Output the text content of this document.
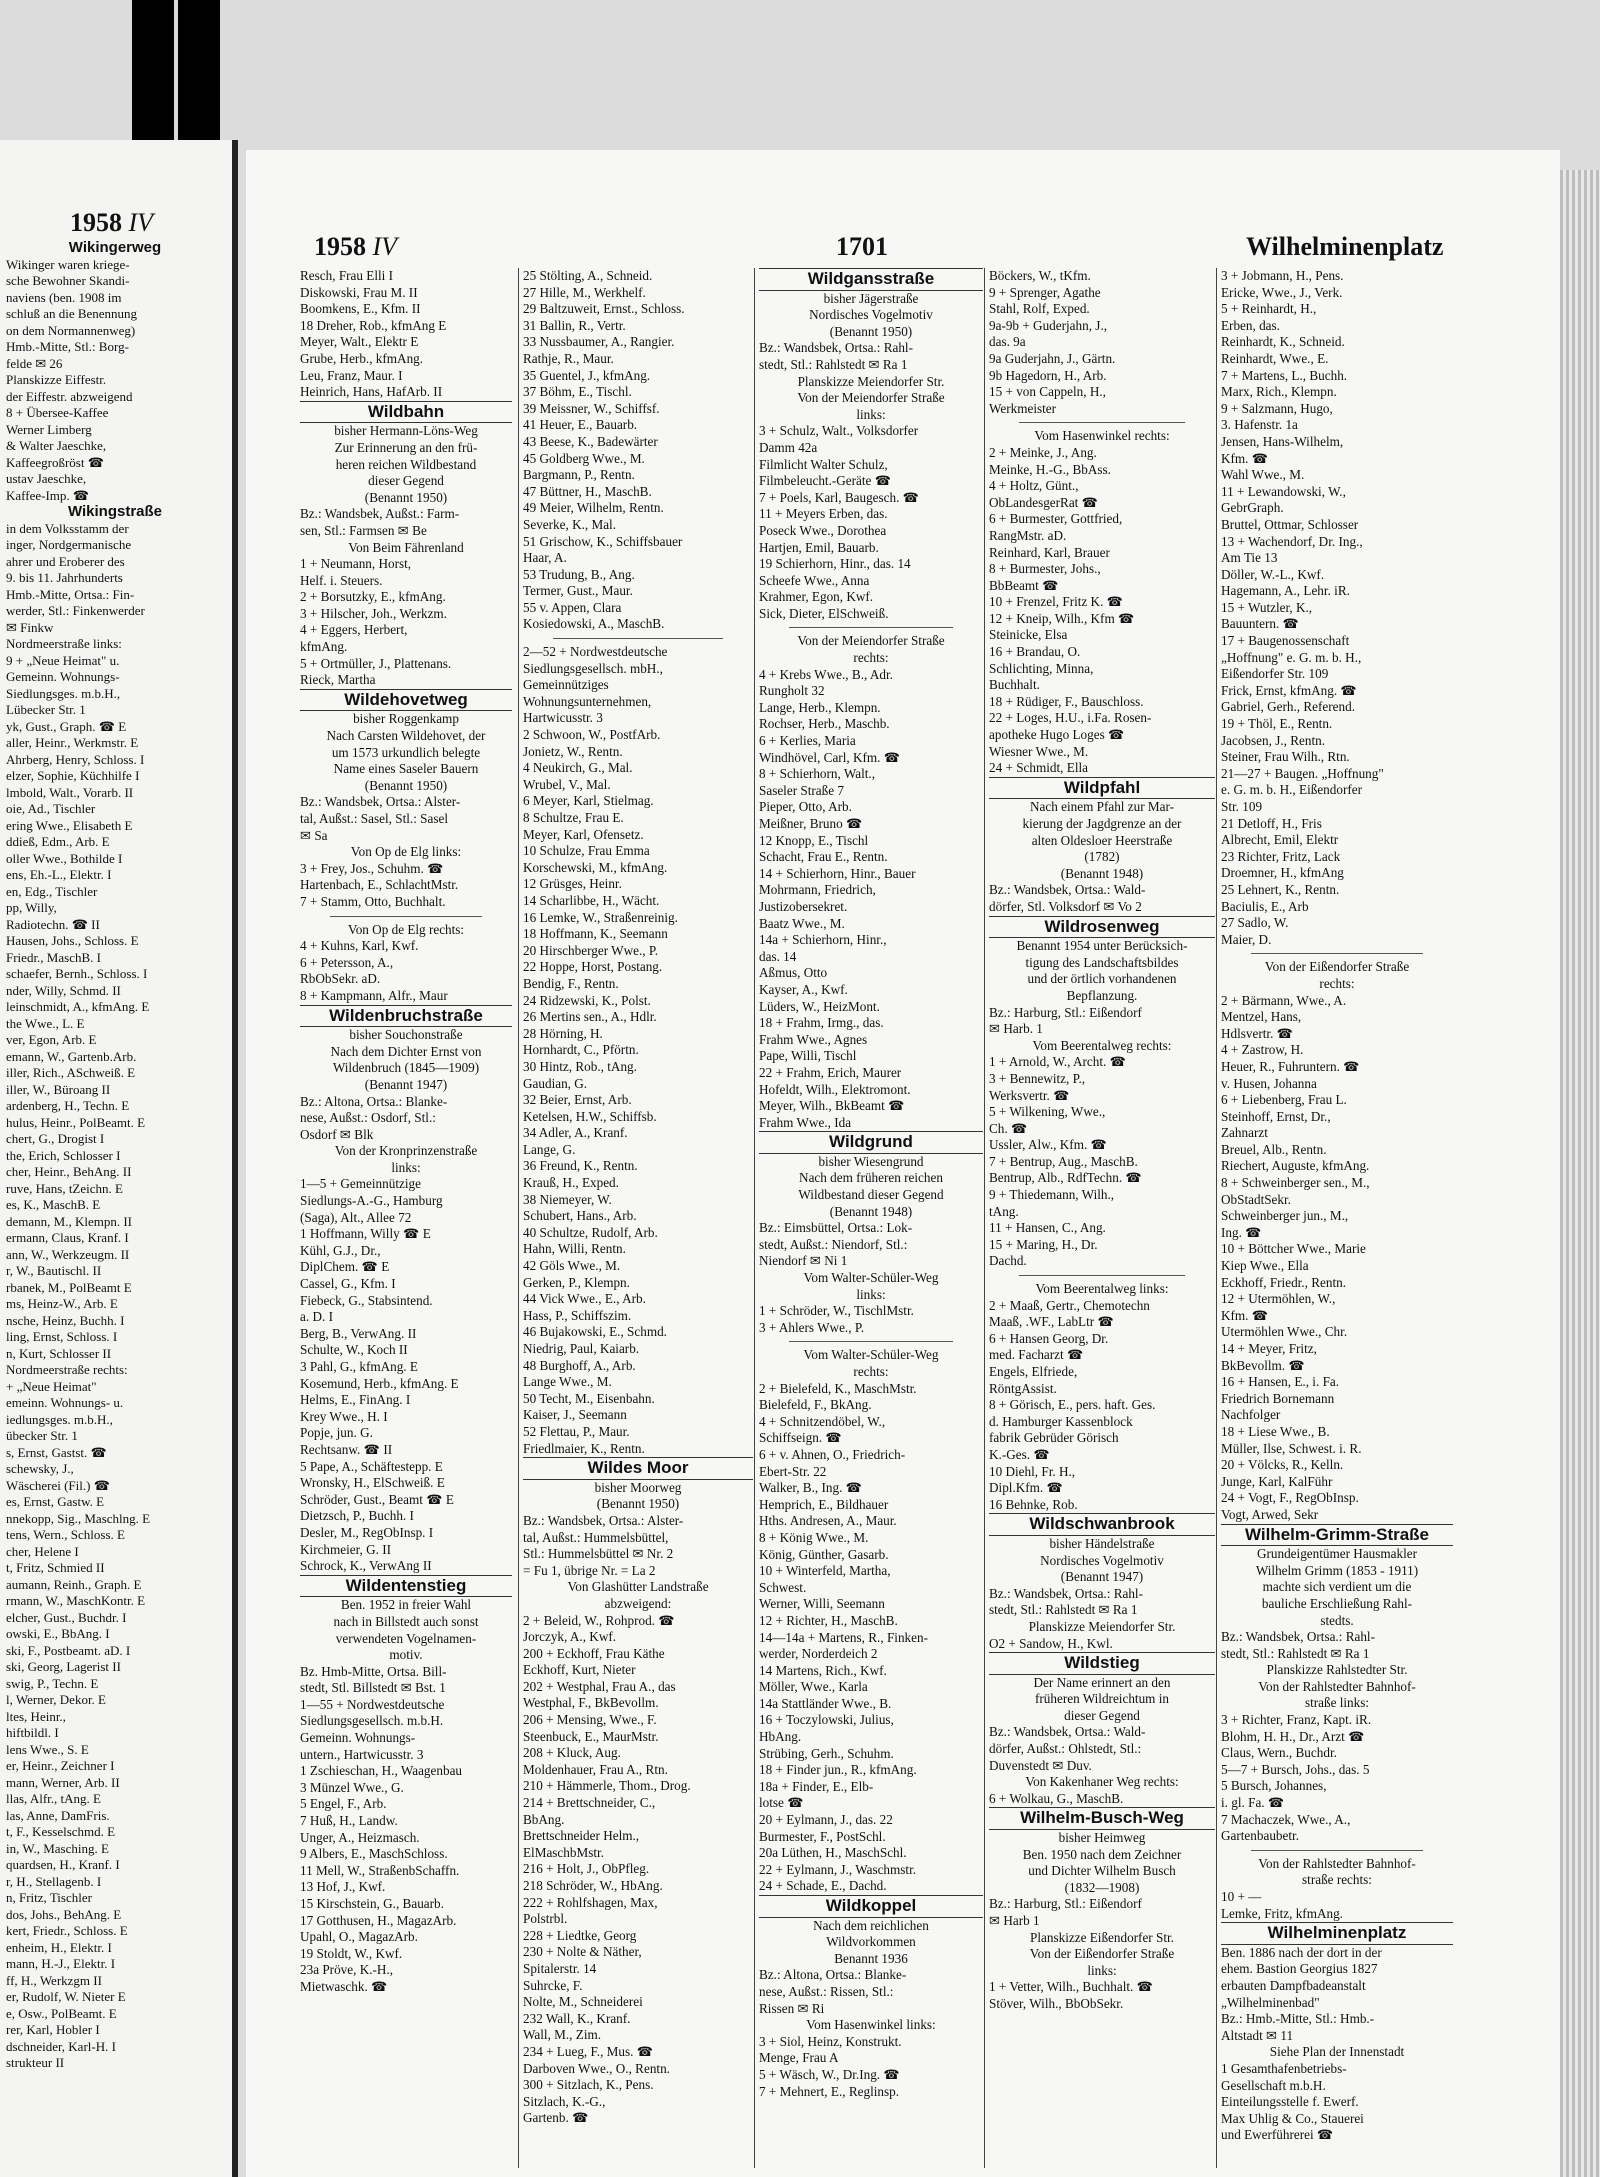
1958 IV

Wikingerweg

Wikinger waren kriege-

sche Bewohner Skandi-

naviens (ben. 1908 im

schluß an die Benennung

on dem Normannenweg)

Hmb.-Mitte, Stl.: Borg-

felde ✉ 26

Planskizze Eiffestr.

der Eiffestr. abzweigend

8 + Übersee-Kaffee

Werner Limberg

& Walter Jaeschke,

Kaffeegroßröst ☎

ustav Jaeschke,

Kaffee-Imp. ☎

Wikingstraße

in dem Volksstamm der

inger, Nordgermanische

ahrer und Eroberer des

9. bis 11. Jahrhunderts

Hmb.-Mitte, Ortsa.: Fin-

werder, Stl.: Finkenwerder

✉ Finkw

Nordmeerstraße links:

9 + „Neue Heimat" u.

Gemeinn. Wohnungs-

Siedlungsges. m.b.H.,

Lübecker Str. 1

yk, Gust., Graph. ☎ E

aller, Heinr., Werkmstr. E

Ahrberg, Henry, Schloss. I

elzer, Sophie, Küchhilfe I

lmbold, Walt., Vorarb. II

oie, Ad., Tischler

ering Wwe., Elisabeth E

ddieß, Edm., Arb. E

oller Wwe., Bothilde I

ens, Eh.-L., Elektr. I

en, Edg., Tischler

pp, Willy,

Radiotechn. ☎ II

Hausen, Johs., Schloss. E

Friedr., MaschB. I

schaefer, Bernh., Schloss. I

nder, Willy, Schmd. II

leinschmidt, A., kfmAng. E

the Wwe., L. E

ver, Egon, Arb. E

emann, W., Gartenb.Arb.

iller, Rich., ASchweiß. E

iller, W., Büroang II

ardenberg, H., Techn. E

hulus, Heinr., PolBeamt. E

chert, G., Drogist I

the, Erich, Schlosser I

cher, Heinr., BehAng. II

ruve, Hans, tZeichn. E

es, K., MaschB. E

demann, M., Klempn. II

ermann, Claus, Kranf. I

ann, W., Werkzeugm. II

r, W., Bautischl. II

rbanek, M., PolBeamt E

ms, Heinz-W., Arb. E

nsche, Heinz, Buchh. I

ling, Ernst, Schloss. I

n, Kurt, Schlosser II

Nordmeerstraße rechts:

+ „Neue Heimat"

emeinn. Wohnungs- u.

iedlungsges. m.b.H.,

übecker Str. 1

s, Ernst, Gastst. ☎

schewsky, J.,

Wäscherei (Fil.) ☎

es, Ernst, Gastw. E

nnekopp, Sig., Maschlng. E

tens, Wern., Schloss. E

cher, Helene I

t, Fritz, Schmied II

aumann, Reinh., Graph. E

rmann, W., MaschKontr. E

elcher, Gust., Buchdr. I

owski, E., BbAng. I

ski, F., Postbeamt. aD. I

ski, Georg, Lagerist II

swig, P., Techn. E

l, Werner, Dekor. E

ltes, Heinr.,

hiftbildl. I

lens Wwe., S. E

er, Heinr., Zeichner I

mann, Werner, Arb. II

llas, Alfr., tAng. E

las, Anne, DamFris.

t, F., Kesselschmd. E

in, W., Masching. E

quardsen, H., Kranf. I

r, H., Stellagenb. I

n, Fritz, Tischler

dos, Johs., BehAng. E

kert, Friedr., Schloss. E

enheim, H., Elektr. I

mann, H.-J., Elektr. I

ff, H., Werkzgm II

er, Rudolf, W. Nieter E

e, Osw., PolBeamt. E

rer, Karl, Hobler I

dschneider, Karl-H. I

strukteur II

1958 IV	1701	Wilhelminenplatz

Resch, Frau Elli I

Diskowski, Frau M. II

Boomkens, E., Kfm. II

18 Dreher, Rob., kfmAng E

Meyer, Walt., Elektr E

Grube, Herb., kfmAng.

Leu, Franz, Maur. I

Heinrich, Hans, HafArb. II

Wildbahn

bisher Hermann-Löns-Weg

Zur Erinnerung an den frü-

heren reichen Wildbestand

dieser Gegend

(Benannt 1950)

Bz.: Wandsbek, Außst.: Farm-

sen, Stl.: Farmsen ✉ Be

Von Beim Fährenland

1 + Neumann, Horst,

Helf. i. Steuers.

2 + Borsutzky, E., kfmAng.

3 + Hilscher, Joh., Werkzm.

4 + Eggers, Herbert,

kfmAng.

5 + Ortmüller, J., Plattenans.

Rieck, Martha

Wildehovetweg

bisher Roggenkamp

Nach Carsten Wildehovet, der

um 1573 urkundlich belegte

Name eines Saseler Bauern

(Benannt 1950)

Bz.: Wandsbek, Ortsa.: Alster-

tal, Außst.: Sasel, Stl.: Sasel

✉ Sa

Von Op de Elg links:

3 + Frey, Jos., Schuhm. ☎

Hartenbach, E., SchlachtMstr.

7 + Stamm, Otto, Buchhalt.

Von Op de Elg rechts:

4 + Kuhns, Karl, Kwf.

6 + Petersson, A.,

RbObSekr. aD.

8 + Kampmann, Alfr., Maur

Wildenbruchstraße

bisher Souchonstraße

Nach dem Dichter Ernst von

Wildenbruch (1845—1909)

(Benannt 1947)

Bz.: Altona, Ortsa.: Blanke-

nese, Außst.: Osdorf, Stl.:

Osdorf ✉ Blk

Von der Kronprinzenstraße

links:

1—5 + Gemeinnützige

Siedlungs-A.-G., Hamburg

(Saga), Alt., Allee 72

1 Hoffmann, Willy ☎ E

Kühl, G.J., Dr.,

DiplChem. ☎ E

Cassel, G., Kfm. I

Fiebeck, G., Stabsintend.

a. D. I

Berg, B., VerwAng. II

Schulte, W., Koch II

3 Pahl, G., kfmAng. E

Kosemund, Herb., kfmAng. E

Helms, E., FinAng. I

Krey Wwe., H. I

Popje, jun. G.

Rechtsanw. ☎ II

5 Pape, A., Schäftestepp. E

Wronsky, H., ElSchweiß. E

Schröder, Gust., Beamt ☎ E

Dietzsch, P., Buchh. I

Desler, M., RegObInsp. I

Kirchmeier, G. II

Schrock, K., VerwAng II

Wildentenstieg

Ben. 1952 in freier Wahl

nach in Billstedt auch sonst

verwendeten Vogelnamen-

motiv.

Bz. Hmb-Mitte, Ortsa. Bill-

stedt, Stl. Billstedt ✉ Bst. 1

1—55 + Nordwestdeutsche

Siedlungsgesellsch. m.b.H.

Gemeinn. Wohnungs-

untern., Hartwicusstr. 3

1 Zschieschan, H., Waagenbau

3 Münzel Wwe., G.

5 Engel, F., Arb.

7 Huß, H., Landw.

Unger, A., Heizmasch.

9 Albers, E., MaschSchloss.

11 Mell, W., StraßenbSchaffn.

13 Hof, J., Kwf.

15 Kirschstein, G., Bauarb.

17 Gotthusen, H., MagazArb.

Upahl, O., MagazArb.

19 Stoldt, W., Kwf.

23a Pröve, K.-H.,

Mietwaschk. ☎

25 Stölting, A., Schneid.

27 Hille, M., Werkhelf.

29 Baltzuweit, Ernst., Schloss.

31 Ballin, R., Vertr.

33 Nussbaumer, A., Rangier.

Rathje, R., Maur.

35 Guentel, J., kfmAng.

37 Böhm, E., Tischl.

39 Meissner, W., Schiffsf.

41 Heuer, E., Bauarb.

43 Beese, K., Badewärter

45 Goldberg Wwe., M.

Bargmann, P., Rentn.

47 Büttner, H., MaschB.

49 Meier, Wilhelm, Rentn.

Severke, K., Mal.

51 Grischow, K., Schiffsbauer

Haar, A.

53 Trudung, B., Ang.

Termer, Gust., Maur.

55 v. Appen, Clara

Kosiedowski, A., MaschB.

2—52 + Nordwestdeutsche

Siedlungsgesellsch. mbH.,

Gemeinnütziges

Wohnungsunternehmen,

Hartwicusstr. 3

2 Schwoon, W., PostfArb.

Jonietz, W., Rentn.

4 Neukirch, G., Mal.

Wrubel, V., Mal.

6 Meyer, Karl, Stielmag.

8 Schultze, Frau E.

Meyer, Karl, Ofensetz.

10 Schulze, Frau Emma

Korschewski, M., kfmAng.

12 Grüsges, Heinr.

14 Scharlibbe, H., Wächt.

16 Lemke, W., Straßenreinig.

18 Hoffmann, K., Seemann

20 Hirschberger Wwe., P.

22 Hoppe, Horst, Postang.

Bendig, F., Rentn.

24 Ridzewski, K., Polst.

26 Mertins sen., A., Hdlr.

28 Hörning, H.

Hornhardt, C., Pförtn.

30 Hintz, Rob., tAng.

Gaudian, G.

32 Beier, Ernst, Arb.

Ketelsen, H.W., Schiffsb.

34 Adler, A., Kranf.

Lange, G.

36 Freund, K., Rentn.

Krauß, H., Exped.

38 Niemeyer, W.

Schubert, Hans., Arb.

40 Schultze, Rudolf, Arb.

Hahn, Willi, Rentn.

42 Göls Wwe., M.

Gerken, P., Klempn.

44 Vick Wwe., E., Arb.

Hass, P., Schiffszim.

46 Bujakowski, E., Schmd.

Niedrig, Paul, Kaiarb.

48 Burghoff, A., Arb.

Lange Wwe., M.

50 Techt, M., Eisenbahn.

Kaiser, J., Seemann

52 Flettau, P., Maur.

Friedlmaier, K., Rentn.

Wildes Moor

bisher Moorweg

(Benannt 1950)

Bz.: Wandsbek, Ortsa.: Alster-

tal, Außst.: Hummelsbüttel,

Stl.: Hummelsbüttel ✉ Nr. 2

= Fu 1, übrige Nr. = La 2

Von Glashütter Landstraße

abzweigend:

2 + Beleid, W., Rohprod. ☎

Jorczyk, A., Kwf.

200 + Eckhoff, Frau Käthe

Eckhoff, Kurt, Nieter

202 + Westphal, Frau A., das

Westphal, F., BkBevollm.

206 + Mensing, Wwe., F.

Steenbuck, E., MaurMstr.

208 + Kluck, Aug.

Moldenhauer, Frau A., Rtn.

210 + Hämmerle, Thom., Drog.

214 + Brettschneider, C.,

BbAng.

Brettschneider Helm.,

ElMaschbMstr.

216 + Holt, J., ObPfleg.

218 Schröder, W., HbAng.

222 + Rohlfshagen, Max,

Polstrbl.

228 + Liedtke, Georg

230 + Nolte & Näther,

Spitalerstr. 14

Suhrcke, F.

Nolte, M., Schneiderei

232 Wall, K., Kranf.

Wall, M., Zim.

234 + Lueg, F., Mus. ☎

Darboven Wwe., O., Rentn.

300 + Sitzlach, K., Pens.

Sitzlach, K.-G.,

Gartenb. ☎

Wildgansstraße

bisher Jägerstraße

Nordisches Vogelmotiv

(Benannt 1950)

Bz.: Wandsbek, Ortsa.: Rahl-

stedt, Stl.: Rahlstedt ✉ Ra 1

Planskizze Meiendorfer Str.

Von der Meiendorfer Straße

links:

3 + Schulz, Walt., Volksdorfer

Damm 42a

Filmlicht Walter Schulz,

Filmbeleucht.-Geräte ☎

7 + Poels, Karl, Baugesch. ☎

11 + Meyers Erben, das.

Poseck Wwe., Dorothea

Hartjen, Emil, Bauarb.

19 Schierhorn, Hinr., das. 14

Scheefe Wwe., Anna

Krahmer, Egon, Kwf.

Sick, Dieter, ElSchweiß.

Von der Meiendorfer Straße

rechts:

4 + Krebs Wwe., B., Adr.

Rungholt 32

Lange, Herb., Klempn.

Rochser, Herb., Maschb.

6 + Kerlies, Maria

Windhövel, Carl, Kfm. ☎

8 + Schierhorn, Walt.,

Saseler Straße 7

Pieper, Otto, Arb.

Meißner, Bruno ☎

12 Knopp, E., Tischl

Schacht, Frau E., Rentn.

14 + Schierhorn, Hinr., Bauer

Mohrmann, Friedrich,

Justizobersekret.

Baatz Wwe., M.

14a + Schierhorn, Hinr.,

das. 14

Aßmus, Otto

Kayser, A., Kwf.

Lüders, W., HeizMont.

18 + Frahm, Irmg., das.

Frahm Wwe., Agnes

Pape, Willi, Tischl

22 + Frahm, Erich, Maurer

Hofeldt, Wilh., Elektromont.

Meyer, Wilh., BkBeamt ☎

Frahm Wwe., Ida

Wildgrund

bisher Wiesengrund

Nach dem früheren reichen

Wildbestand dieser Gegend

(Benannt 1948)

Bz.: Eimsbüttel, Ortsa.: Lok-

stedt, Außst.: Niendorf, Stl.:

Niendorf ✉ Ni 1

Vom Walter-Schüler-Weg

links:

1 + Schröder, W., TischlMstr.

3 + Ahlers Wwe., P.

Vom Walter-Schüler-Weg

rechts:

2 + Bielefeld, K., MaschMstr.

Bielefeld, F., BkAng.

4 + Schnitzendöbel, W.,

Schiffseign. ☎

6 + v. Ahnen, O., Friedrich-

Ebert-Str. 22

Walker, B., Ing. ☎

Hemprich, E., Bildhauer

Hths. Andresen, A., Maur.

8 + König Wwe., M.

König, Günther, Gasarb.

10 + Winterfeld, Martha,

Schwest.

Werner, Willi, Seemann

12 + Richter, H., MaschB.

14—14a + Martens, R., Finken-

werder, Norderdeich 2

14 Martens, Rich., Kwf.

Möller, Wwe., Karla

14a Stattländer Wwe., B.

16 + Toczylowski, Julius,

HbAng.

Strübing, Gerh., Schuhm.

18 + Finder jun., R., kfmAng.

18a + Finder, E., Elb-

lotse ☎

20 + Eylmann, J., das. 22

Burmester, F., PostSchl.

20a Lüthen, H., MaschSchl.

22 + Eylmann, J., Waschmstr.

24 + Schade, E., Dachd.

Wildkoppel

Nach dem reichlichen

Wildvorkommen

Benannt 1936

Bz.: Altona, Ortsa.: Blanke-

nese, Außst.: Rissen, Stl.:

Rissen ✉ Ri

Vom Hasenwinkel links:

3 + Siol, Heinz, Konstrukt.

Menge, Frau A

5 + Wäsch, W., Dr.Ing. ☎

7 + Mehnert, E., Reglinsp.

Böckers, W., tKfm.

9 + Sprenger, Agathe

Stahl, Rolf, Exped.

9a-9b + Guderjahn, J.,

das. 9a

9a Guderjahn, J., Gärtn.

9b Hagedorn, H., Arb.

15 + von Cappeln, H.,

Werkmeister

Vom Hasenwinkel rechts:

2 + Meinke, J., Ang.

Meinke, H.-G., BbAss.

4 + Holtz, Günt.,

ObLandesgerRat ☎

6 + Burmester, Gottfried,

RangMstr. aD.

Reinhard, Karl, Brauer

8 + Burmester, Johs.,

BbBeamt ☎

10 + Frenzel, Fritz K. ☎

12 + Kneip, Wilh., Kfm ☎

Steinicke, Elsa

16 + Brandau, O.

Schlichting, Minna,

Buchhalt.

18 + Rüdiger, F., Bauschloss.

22 + Loges, H.U., i.Fa. Rosen-

apotheke Hugo Loges ☎

Wiesner Wwe., M.

24 + Schmidt, Ella

Wildpfahl

Nach einem Pfahl zur Mar-

kierung der Jagdgrenze an der

alten Oldesloer Heerstraße

(1782)

(Benannt 1948)

Bz.: Wandsbek, Ortsa.: Wald-

dörfer, Stl. Volksdorf ✉ Vo 2

Wildrosenweg

Benannt 1954 unter Berücksich-

tigung des Landschaftsbildes

und der örtlich vorhandenen

Bepflanzung.

Bz.: Harburg, Stl.: Eißendorf

✉ Harb. 1

Vom Beerentalweg rechts:

1 + Arnold, W., Archt. ☎

3 + Bennewitz, P.,

Werksvertr. ☎

5 + Wilkening, Wwe.,

Ch. ☎

Ussler, Alw., Kfm. ☎

7 + Bentrup, Aug., MaschB.

Bentrup, Alb., RdfTechn. ☎

9 + Thiedemann, Wilh.,

tAng.

11 + Hansen, C., Ang.

15 + Maring, H., Dr.

Dachd.

Vom Beerentalweg links:

2 + Maaß, Gertr., Chemotechn

Maaß, .WF., LabLtr ☎

6 + Hansen Georg, Dr.

med. Facharzt ☎

Engels, Elfriede,

RöntgAssist.

8 + Görisch, E., pers. haft. Ges.

d. Hamburger Kassenblock

fabrik Gebrüder Görisch

K.-Ges. ☎

10 Diehl, Fr. H.,

Dipl.Kfm. ☎

16 Behnke, Rob.

Wildschwanbrook

bisher Händelstraße

Nordisches Vogelmotiv

(Benannt 1947)

Bz.: Wandsbek, Ortsa.: Rahl-

stedt, Stl.: Rahlstedt ✉ Ra 1

Planskizze Meiendorfer Str.

O2 + Sandow, H., Kwl.

Wildstieg

Der Name erinnert an den

früheren Wildreichtum in

dieser Gegend

Bz.: Wandsbek, Ortsa.: Wald-

dörfer, Außst.: Ohlstedt, Stl.:

Duvenstedt ✉ Duv.

Von Kakenhaner Weg rechts:

6 + Wolkau, G., MaschB.

Wilhelm-Busch-Weg

bisher Heimweg

Ben. 1950 nach dem Zeichner

und Dichter Wilhelm Busch

(1832—1908)

Bz.: Harburg, Stl.: Eißendorf

✉ Harb 1

Planskizze Eißendorfer Str.

Von der Eißendorfer Straße

links:

1 + Vetter, Wilh., Buchhalt. ☎

Stöver, Wilh., BbObSekr.

3 + Jobmann, H., Pens.

Ericke, Wwe., J., Verk.

5 + Reinhardt, H.,

Erben, das.

Reinhardt, K., Schneid.

Reinhardt, Wwe., E.

7 + Martens, L., Buchh.

Marx, Rich., Klempn.

9 + Salzmann, Hugo,

3. Hafenstr. 1a

Jensen, Hans-Wilhelm,

Kfm. ☎

Wahl Wwe., M.

11 + Lewandowski, W.,

GebrGraph.

Bruttel, Ottmar, Schlosser

13 + Wachendorf, Dr. Ing.,

Am Tie 13

Döller, W.-L., Kwf.

Hagemann, A., Lehr. iR.

15 + Wutzler, K.,

Bauuntern. ☎

17 + Baugenossenschaft

„Hoffnung" e. G. m. b. H.,

Eißendorfer Str. 109

Frick, Ernst, kfmAng. ☎

Gabriel, Gerh., Referend.

19 + Thöl, E., Rentn.

Jacobsen, J., Rentn.

Steiner, Frau Wilh., Rtn.

21—27 + Baugen. „Hoffnung"

e. G. m. b. H., Eißendorfer

Str. 109

21 Detloff, H., Fris

Albrecht, Emil, Elektr

23 Richter, Fritz, Lack

Droemner, H., kfmAng

25 Lehnert, K., Rentn.

Baciulis, E., Arb

27 Sadlo, W.

Maier, D.

Von der Eißendorfer Straße

rechts:

2 + Bärmann, Wwe., A.

Mentzel, Hans,

Hdlsvertr. ☎

4 + Zastrow, H.

Heuer, R., Fuhruntern. ☎

v. Husen, Johanna

6 + Liebenberg, Frau L.

Steinhoff, Ernst, Dr.,

Zahnarzt

Breuel, Alb., Rentn.

Riechert, Auguste, kfmAng.

8 + Schweinberger sen., M.,

ObStadtSekr.

Schweinberger jun., M.,

Ing. ☎

10 + Böttcher Wwe., Marie

Kiep Wwe., Ella

Eckhoff, Friedr., Rentn.

12 + Utermöhlen, W.,

Kfm. ☎

Utermöhlen Wwe., Chr.

14 + Meyer, Fritz,

BkBevollm. ☎

16 + Hansen, E., i. Fa.

Friedrich Bornemann

Nachfolger

18 + Liese Wwe., B.

Müller, Ilse, Schwest. i. R.

20 + Völcks, R., Kelln.

Junge, Karl, KalFühr

24 + Vogt, F., RegObInsp.

Vogt, Arwed, Sekr

Wilhelm-Grimm-Straße

Grundeigentümer Hausmakler

Wilhelm Grimm (1853 - 1911)

machte sich verdient um die

bauliche Erschließung Rahl-

stedts.

Bz.: Wandsbek, Ortsa.: Rahl-

stedt, Stl.: Rahlstedt ✉ Ra 1

Planskizze Rahlstedter Str.

Von der Rahlstedter Bahnhof-

straße links:

3 + Richter, Franz, Kapt. iR.

Blohm, H. H., Dr., Arzt ☎

Claus, Wern., Buchdr.

5—7 + Bursch, Johs., das. 5

5 Bursch, Johannes,

i. gl. Fa. ☎

7 Machaczek, Wwe., A.,

Gartenbaubetr.

Von der Rahlstedter Bahnhof-

straße rechts:

10 + —

Lemke, Fritz, kfmAng.

Wilhelminenplatz

Ben. 1886 nach der dort in der

ehem. Bastion Georgius 1827

erbauten Dampfbadeanstalt

„Wilhelminenbad"

Bz.: Hmb.-Mitte, Stl.: Hmb.-

Altstadt ✉ 11

Siehe Plan der Innenstadt

1 Gesamthafenbetriebs-

Gesellschaft m.b.H.

Einteilungsstelle f. Ewerf.

Max Uhlig & Co., Stauerei

und Ewerführerei ☎
